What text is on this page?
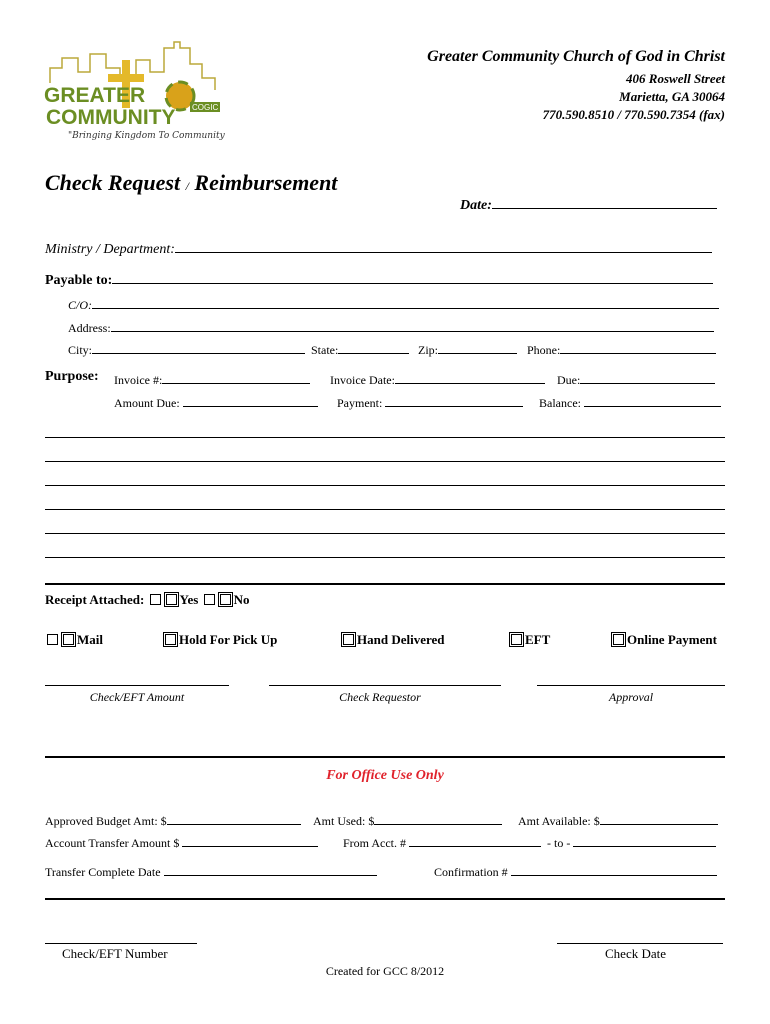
GREATER
COMMUNITY COGIC
"Bringing Kingdom To Community"
Greater Community Church of God in Christ
406 Roswell Street
Marietta, GA 30064
770.590.8510 / 770.590.7354 (fax)
Check Request / Reimbursement
Date:
Ministry / Department:
Payable to:
C/O:
Address:
City:	State:	Zip:	Phone:
Purpose: Invoice #:	Invoice Date:	Due:
Amount Due:	Payment:	Balance:
Receipt Attached:	Yes	No
Mail	Hold For Pick Up	Hand Delivered	EFT	Online Payment
Check/EFT Amount	Check Requestor	Approval
For Office Use Only
Approved Budget Amt: $	Amt Used: $	Amt Available: $
Account Transfer Amount $	From Acct. #	- to -
Transfer Complete Date	Confirmation #
Check/EFT Number	Check Date
Created for GCC 8/2012
